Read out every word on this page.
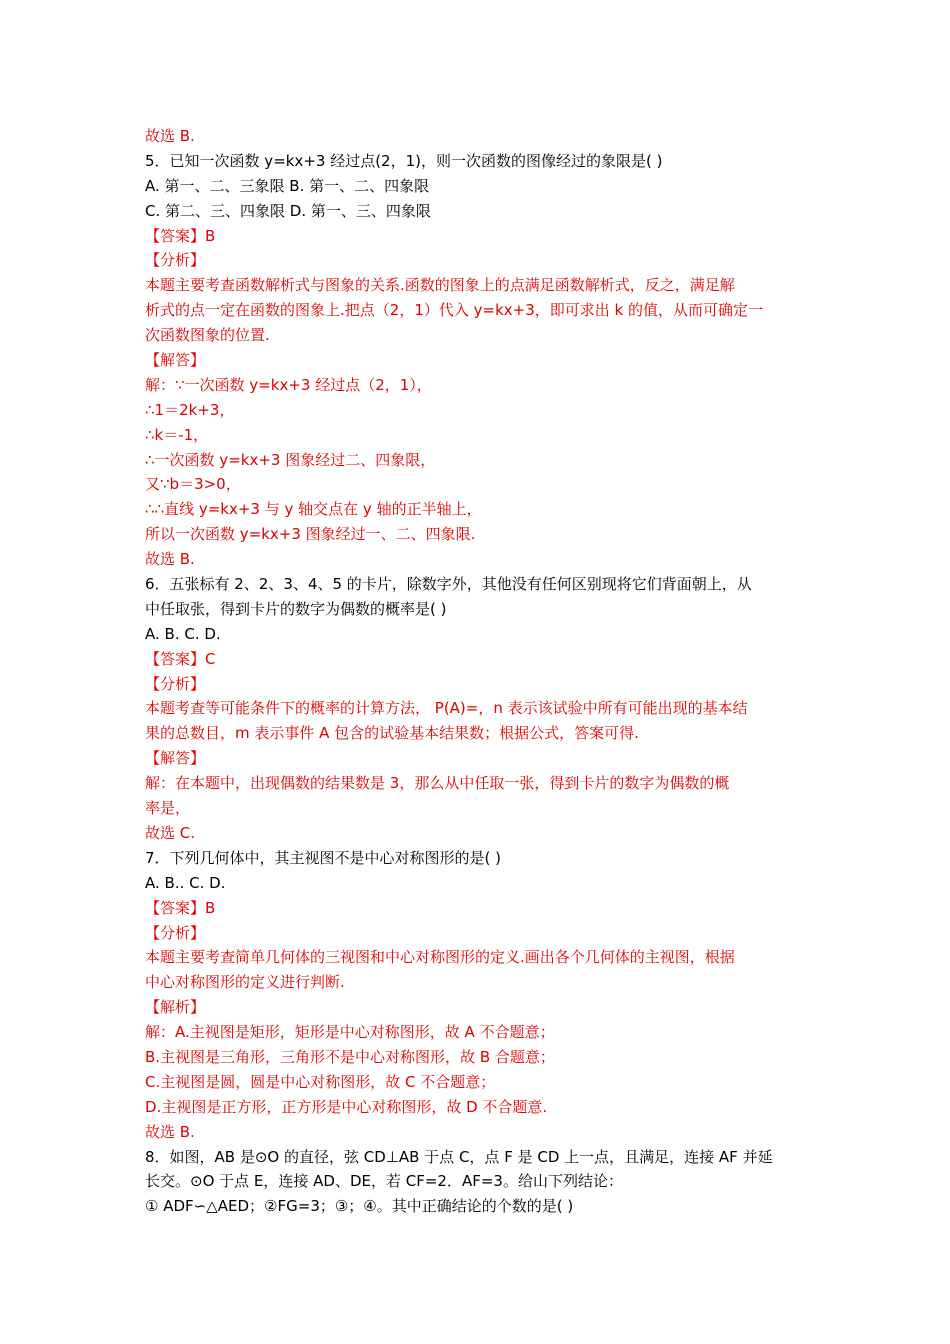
故选 B.
5．已知一次函数 y=kx+3 经过点(2，1)，则一次函数的图像经过的象限是( )
A. 第一、二、三象限 B. 第一、二、四象限
C. 第二、三、四象限 D. 第一、三、四象限
【答案】B
【分析】
本题主要考查函数解析式与图象的关系.函数的图象上的点满足函数解析式，反之，满足解
析式的点一定在函数的图象上.把点（2，1）代入 y=kx+3，即可求出 k 的值，从而可确定一
次函数图象的位置.
【解答】
解：∵一次函数 y=kx+3 经过点（2，1），
∴1＝2k+3，
∴k＝-1，
∴一次函数 y=kx+3 图象经过二、四象限，
又∵b＝3>0，
∴∴直线 y=kx+3 与 y 轴交点在 y 轴的正半轴上，
所以一次函数 y=kx+3 图象经过一、二、四象限.
故选 B.
6．五张标有 2、2、3、4、5 的卡片，除数字外，其他没有任何区别现将它们背面朝上，从
中任取张，得到卡片的数字为偶数的概率是( )
A. B. C. D.
【答案】C
【分析】
本题考查等可能条件下的概率的计算方法， P(A)=，n 表示该试验中所有可能出现的基本结
果的总数目，m 表示事件 A 包含的试验基本结果数；根据公式，答案可得.
【解答】
解：在本题中，出现偶数的结果数是 3，那么从中任取一张，得到卡片的数字为偶数的概
率是，
故选 C.
7．下列几何体中，其主视图不是中心对称图形的是( )
A. B.. C. D.
【答案】B
【分析】
本题主要考查简单几何体的三视图和中心对称图形的定义.画出各个几何体的主视图，根据
中心对称图形的定义进行判断.
【解析】
解：A.主视图是矩形，矩形是中心对称图形，故 A 不合题意；
B.主视图是三角形，三角形不是中心对称图形，故 B 合题意；
C.主视图是圆，圆是中心对称图形，故 C 不合题意；
D.主视图是正方形，正方形是中心对称图形，故 D 不合题意.
故选 B.
8．如图，AB 是⊙O 的直径，弦 CD⊥AB 于点 C，点 F 是 CD 上一点，且满足，连接 AF 并延
长交。⊙O 于点 E，连接 AD、DE，若 CF=2．AF=3。给山下列结论：
① ADF∽△AED；②FG=3；③；④。其中正确结论的个数的是( )
